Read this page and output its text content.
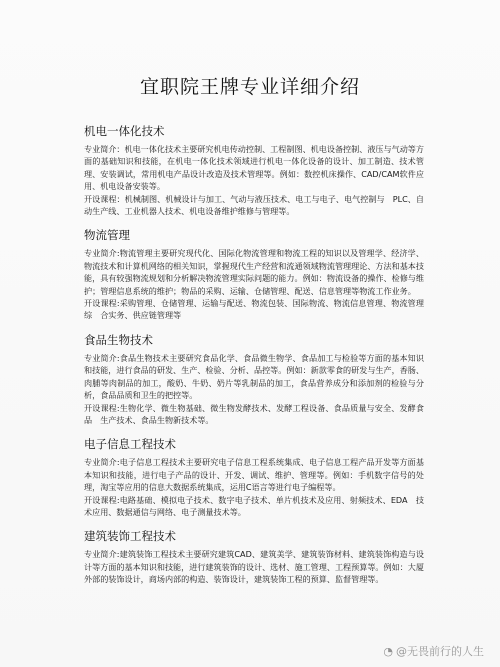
宜职院王牌专业详细介绍
机电一体化技术

专业简介：机电一体化技术主要研究机电传动控制、工程制图、机电设备控制、液压与气动等方面的基础知识和技能，在机电一体化技术领域进行机电一体化设备的设计、加工制造、技术管理、安装调试，常用机电产品设计改造及技术管理等。例如：数控机床操作、CAD/CAM软件应用、机电设备安装等。

开设课程：机械制图、机械设计与加工、气动与液压技术、电工与电子、电气控制与　PLC、自动生产线、工业机器人技术、机电设备维护维修与管理等。

物流管理

专业简介:物流管理主要研究现代化、国际化物流管理和物流工程的知识以及管理学、经济学、物流技术和计算机网络的相关知识，掌握现代生产经营和流通领域物流管理理论、方法和基本技能，具有较强物流规划和分析解决物流管理实际问题的能力。例如：物流设备的操作、检修与维护；管理信息系统的维护；物品的采购、运输、仓储管理、配送、信息管理等物流工作业务。

开设课程:采购管理、仓储管理、运输与配送、物流包装、国际物流、物流信息管理、物流管理综　合实务、供应链管理等

食品生物技术

专业简介:食品生物技术主要研究食品化学、食品微生物学、食品加工与检验等方面的基本知识和技能，进行食品的研发、生产、检验、分析、品控等。例如：新款零食的研发与生产，香肠、肉脯等肉制品的加工，酸奶、牛奶、奶片等乳制品的加工，食品营养成分和添加剂的检验与分析，食品品质和卫生的把控等。

开设课程:生物化学、微生物基础、微生物发酵技术、发酵工程设备、食品质量与安全、发酵食品　生产技术、食品生物新技术等。

电子信息工程技术

专业简介:电子信息工程技术主要研究电子信息工程系统集成、电子信息工程产品开发等方面基本知识和技能，进行电子产品的设计、开发、调试、维护、管理等。例如：手机数字信号的处理，淘宝等应用的信息大数据系统集成，运用C语言等进行电子编程等。

开设课程:电路基础、模拟电子技术、数字电子技术、单片机技术及应用、射频技术、EDA　技术应用、数据通信与网络、电子测量技术等。

建筑装饰工程技术

专业简介:建筑装饰工程技术主要研究建筑CAD、建筑美学、建筑装饰材料、建筑装饰构造与设计等方面的基本知识和技能，进行建筑装饰的设计、选材、施工管理、工程预算等。例如：大厦外部的装饰设计，商场内部的构造、装饰设计，建筑装饰工程的预算、监督管理等。

◔ @无畏前行的人生
